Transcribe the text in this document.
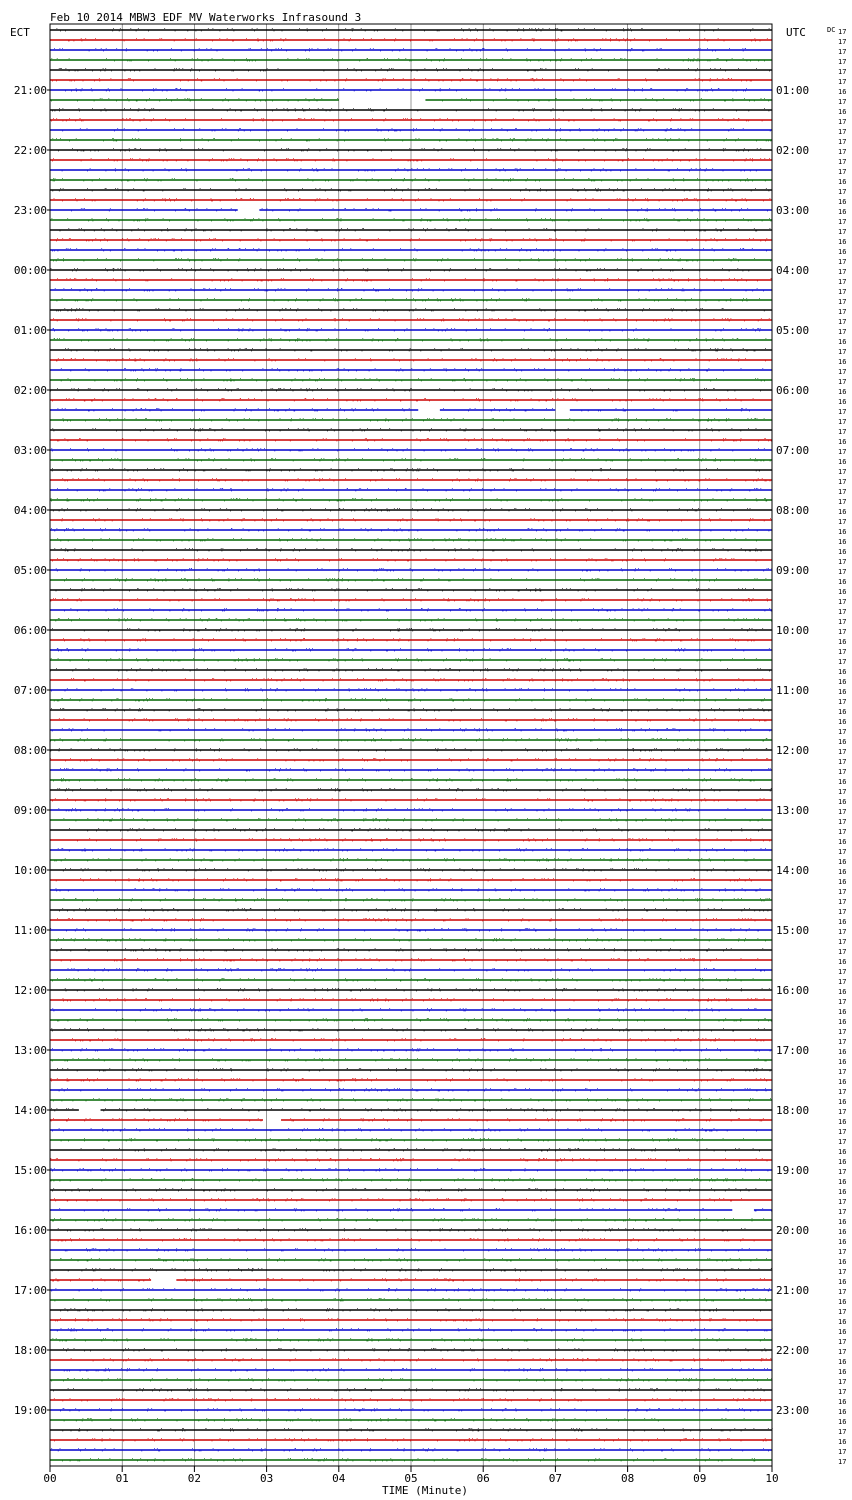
Feb 10 2014 MBW3 EDF MV Waterworks Infrasound 3
ECT	UTC	DC
TIME (Minute)
21:00
22:00
23:00
00:00
01:00
02:00
03:00
04:00
05:00
06:00
07:00
08:00
09:00
10:00
11:00
12:00
13:00
14:00
15:00
16:00
17:00
18:00
19:00
01:00
02:00
03:00
04:00
05:00
06:00
07:00
08:00
09:00
10:00
11:00
12:00
13:00
14:00
15:00
16:00
17:00
18:00
19:00
20:00
21:00
22:00
23:00
17
17
17
17
17
17
16
17
16
17
17
17
17
17
17
16
17
16
16
17
17
16
16
17
17
17
17
17
17
17
17
16
17
16
17
17
16
16
17
17
17
16
17
16
17
17
17
17
16
17
16
16
16
17
17
16
16
17
17
17
17
16
17
17
16
16
16
17
16
16
17
16
17
17
17
16
17
16
17
17
17
16
17
16
16
16
17
17
17
16
17
17
17
16
17
17
16
17
16
16
17
17
16
16
17
16
17
16
17
16
17
17
16
16
17
16
16
17
17
16
16
16
17
16
17
16
17
16
17
16
16
17
17
16
16
17
17
16
16
16
17
16
17
17
00	01	02	03	04	05	06	07	08	09	10
